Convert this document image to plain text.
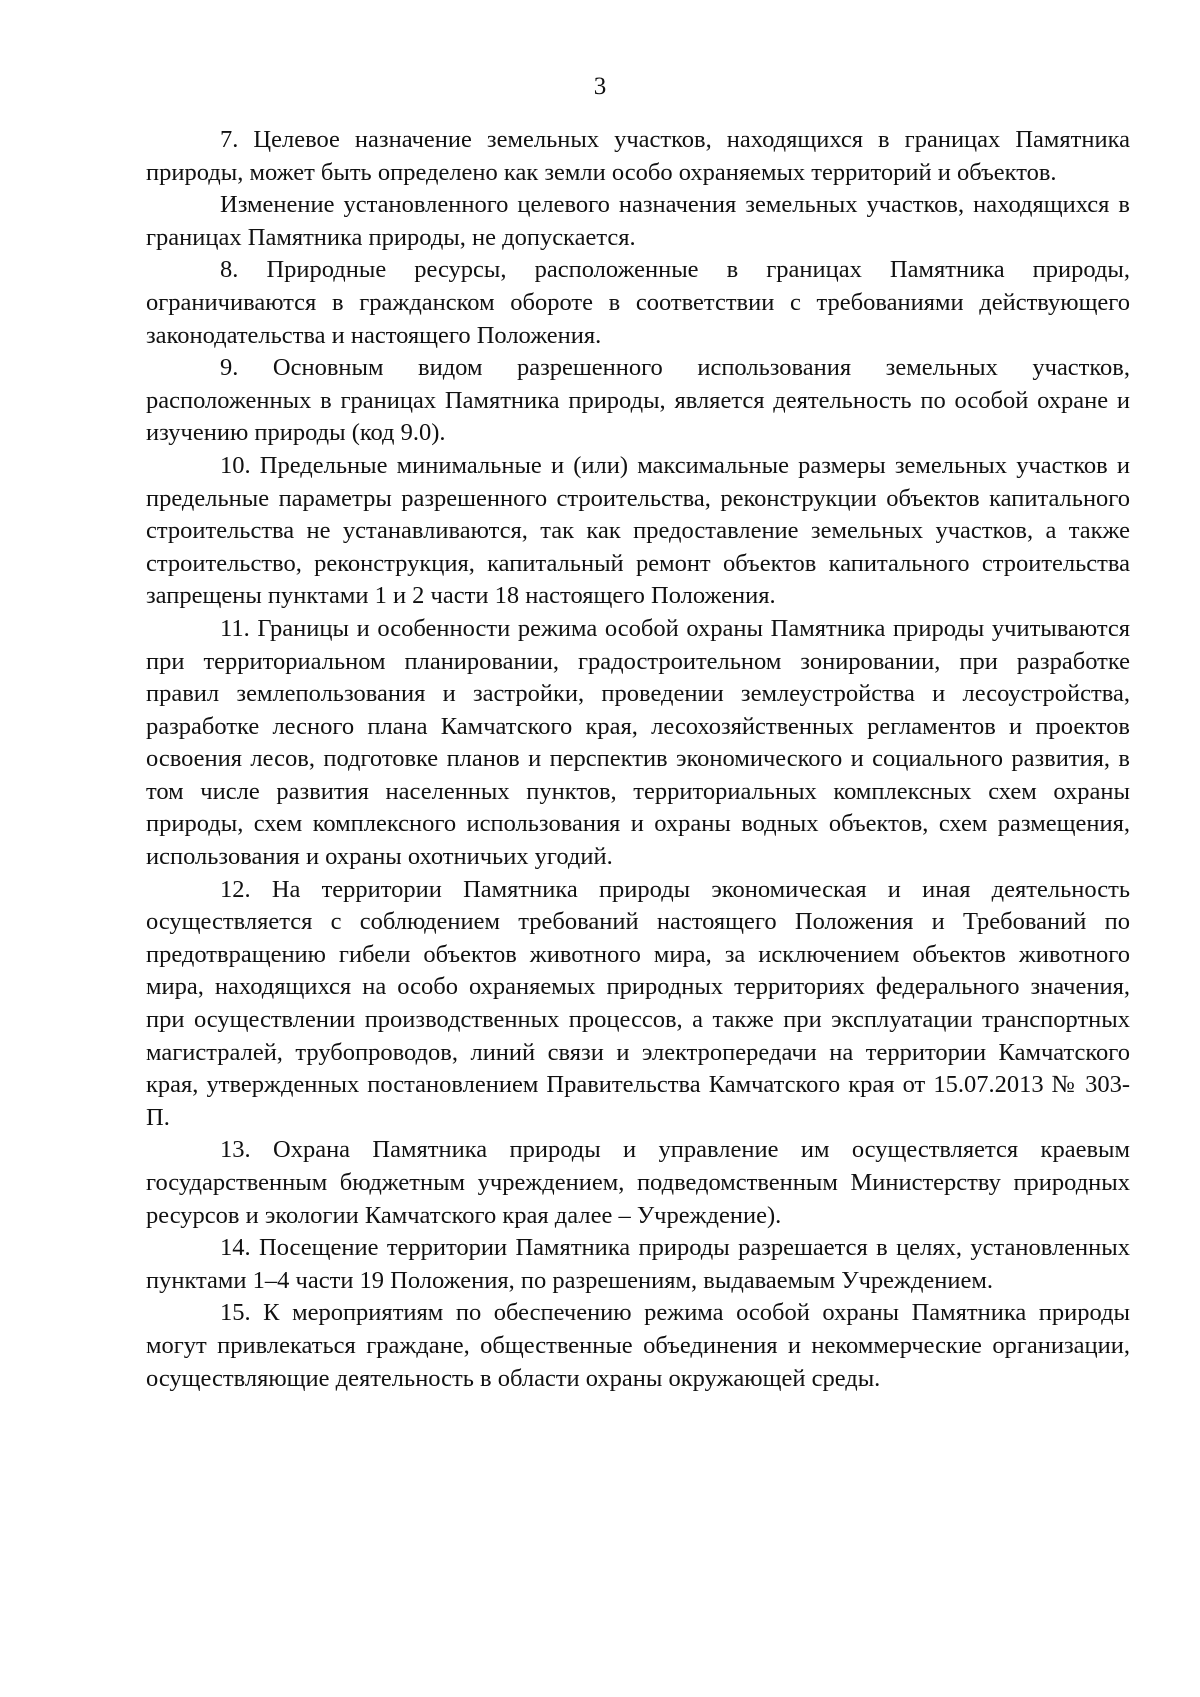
3

7. Целевое назначение земельных участков, находящихся в границах Памятника природы, может быть определено как земли особо охраняемых территорий и объектов.

Изменение установленного целевого назначения земельных участков, находящихся в границах Памятника природы, не допускается.

8. Природные ресурсы, расположенные в границах Памятника природы, ограничиваются в гражданском обороте в соответствии с требованиями действующего законодательства и настоящего Положения.

9. Основным видом разрешенного использования земельных участков, расположенных в границах Памятника природы, является деятельность по особой охране и изучению природы (код 9.0).

10. Предельные минимальные и (или) максимальные размеры земельных участков и предельные параметры разрешенного строительства, реконструкции объектов капитального строительства не устанавливаются, так как предоставление земельных участков, а также строительство, реконструкция, капитальный ремонт объектов капитального строительства запрещены пунктами 1 и 2 части 18 настоящего Положения.

11. Границы и особенности режима особой охраны Памятника природы учитываются при территориальном планировании, градостроительном зонировании, при разработке правил землепользования и застройки, проведении землеустройства и лесоустройства, разработке лесного плана Камчатского края, лесохозяйственных регламентов и проектов освоения лесов, подготовке планов и перспектив экономического и социального развития, в том числе развития населенных пунктов, территориальных комплексных схем охраны природы, схем комплексного использования и охраны водных объектов, схем размещения, использования и охраны охотничьих угодий.

12. На территории Памятника природы экономическая и иная деятельность осуществляется с соблюдением требований настоящего Положения и Требований по предотвращению гибели объектов животного мира, за исключением объектов животного мира, находящихся на особо охраняемых природных территориях федерального значения, при осуществлении производственных процессов, а также при эксплуатации транспортных магистралей, трубопроводов, линий связи и электропередачи на территории Камчатского края, утвержденных постановлением Правительства Камчатского края от 15.07.2013 № 303-П.

13. Охрана Памятника природы и управление им осуществляется краевым государственным бюджетным учреждением, подведомственным Министерству природных ресурсов и экологии Камчатского края далее – Учреждение).

14. Посещение территории Памятника природы разрешается в целях, установленных пунктами 1–4 части 19 Положения, по разрешениям, выдаваемым Учреждением.

15. К мероприятиям по обеспечению режима особой охраны Памятника природы могут привлекаться граждане, общественные объединения и некоммерческие организации, осуществляющие деятельность в области охраны окружающей среды.
